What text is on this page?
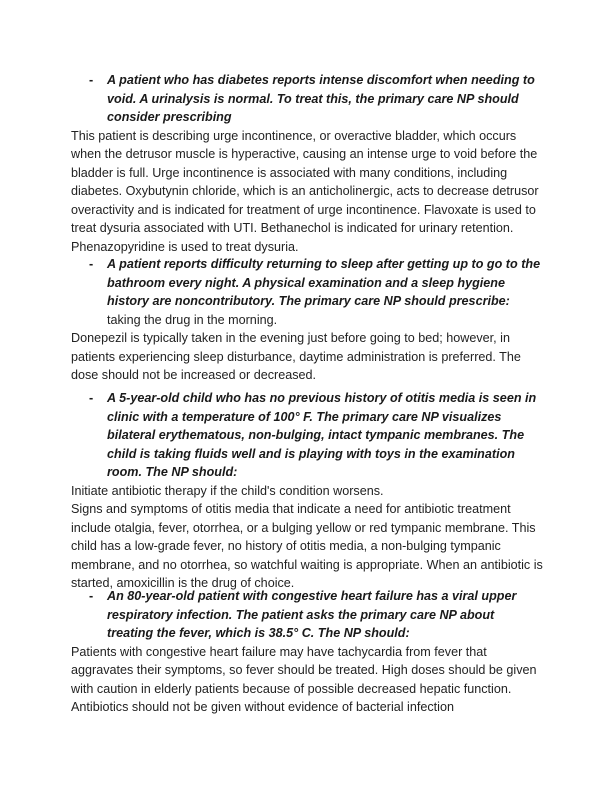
- A patient who has diabetes reports intense discomfort when needing to void. A urinalysis is normal. To treat this, the primary care NP should consider prescribing

This patient is describing urge incontinence, or overactive bladder, which occurs when the detrusor muscle is hyperactive, causing an intense urge to void before the bladder is full. Urge incontinence is associated with many conditions, including diabetes. Oxybutynin chloride, which is an anticholinergic, acts to decrease detrusor overactivity and is indicated for treatment of urge incontinence. Flavoxate is used to treat dysuria associated with UTI. Bethanechol is indicated for urinary retention. Phenazopyridine is used to treat dysuria.

- A patient reports difficulty returning to sleep after getting up to go to the bathroom every night. A physical examination and a sleep hygiene history are noncontributory. The primary care NP should prescribe:

taking the drug in the morning.

Donepezil is typically taken in the evening just before going to bed; however, in patients experiencing sleep disturbance, daytime administration is preferred. The dose should not be increased or decreased.

- A 5-year-old child who has no previous history of otitis media is seen in clinic with a temperature of 100° F. The primary care NP visualizes bilateral erythematous, non-bulging, intact tympanic membranes. The child is taking fluids well and is playing with toys in the examination room. The NP should:

Initiate antibiotic therapy if the child's condition worsens.

Signs and symptoms of otitis media that indicate a need for antibiotic treatment include otalgia, fever, otorrhea, or a bulging yellow or red tympanic membrane. This child has a low-grade fever, no history of otitis media, a non-bulging tympanic membrane, and no otorrhea, so watchful waiting is appropriate. When an antibiotic is started, amoxicillin is the drug of choice.

- An 80-year-old patient with congestive heart failure has a viral upper respiratory infection. The patient asks the primary care NP about treating the fever, which is 38.5° C. The NP should:

Patients with congestive heart failure may have tachycardia from fever that aggravates their symptoms, so fever should be treated. High doses should be given with caution in elderly patients because of possible decreased hepatic function. Antibiotics should not be given without evidence of bacterial infection
